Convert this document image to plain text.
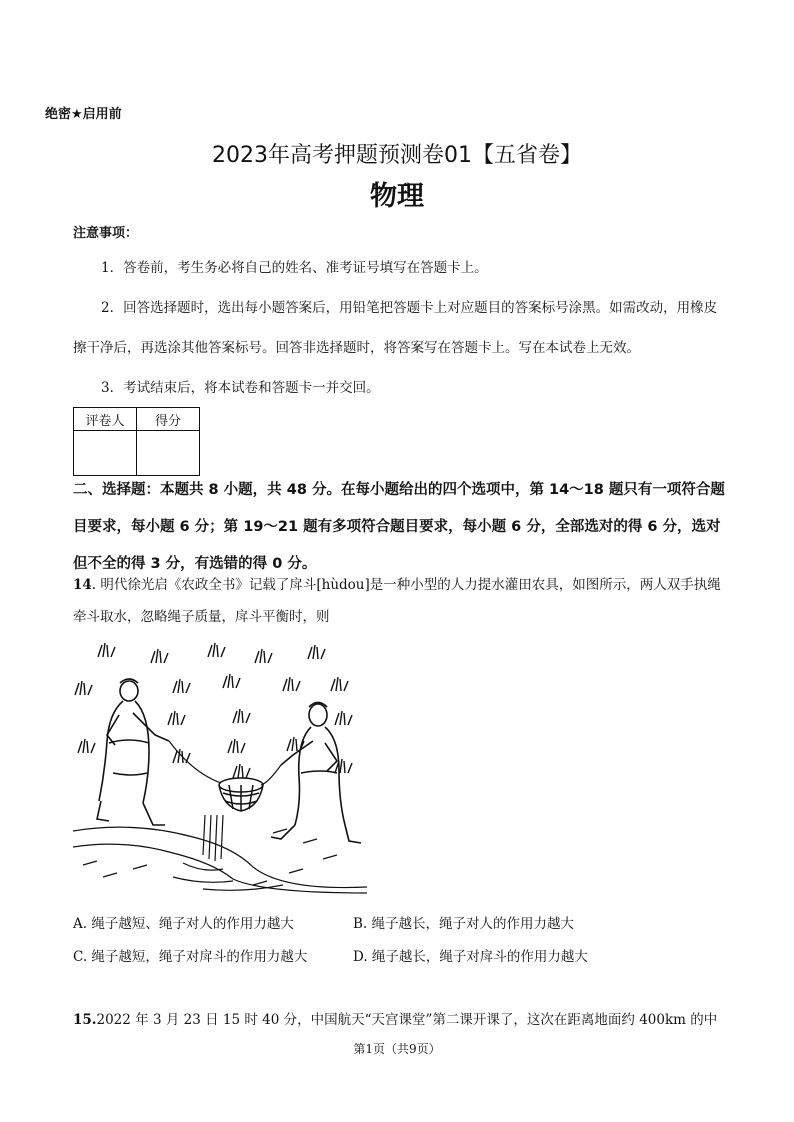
绝密★启用前
2023年高考押题预测卷01【五省卷】
物理
注意事项：

1．答卷前，考生务必将自己的姓名、准考证号填写在答题卡上。

2．回答选择题时，选出每小题答案后，用铅笔把答题卡上对应题目的答案标号涂黑。如需改动，用橡皮擦干净后，再选涂其他答案标号。回答非选择题时，将答案写在答题卡上。写在本试卷上无效。

3．考试结束后，将本试卷和答题卡一并交回。

评卷人	得分

二、选择题：本题共 8 小题，共 48 分。在每小题给出的四个选项中，第 14～18 题只有一项符合题目要求，每小题 6 分；第 19～21 题有多项符合题目要求，每小题 6 分，全部选对的得 6 分，选对但不全的得 3 分，有选错的得 0 分。
14. 明代徐光启《农政全书》记载了戽斗[hùdou]是一种小型的人力提水灌田农具，如图所示，两人双手执绳牵斗取水，忽略绳子质量，戽斗平衡时，则
A. 绳子越短、绳子对人的作用力越大	B. 绳子越长，绳子对人的作用力越大
C. 绳子越短，绳子对戽斗的作用力越大	D. 绳子越长，绳子对戽斗的作用力越大
15.2022 年 3 月 23 日 15 时 40 分，中国航天“天宫课堂”第二课开课了，这次在距离地面约 400km 的中
第1页（共9页）
